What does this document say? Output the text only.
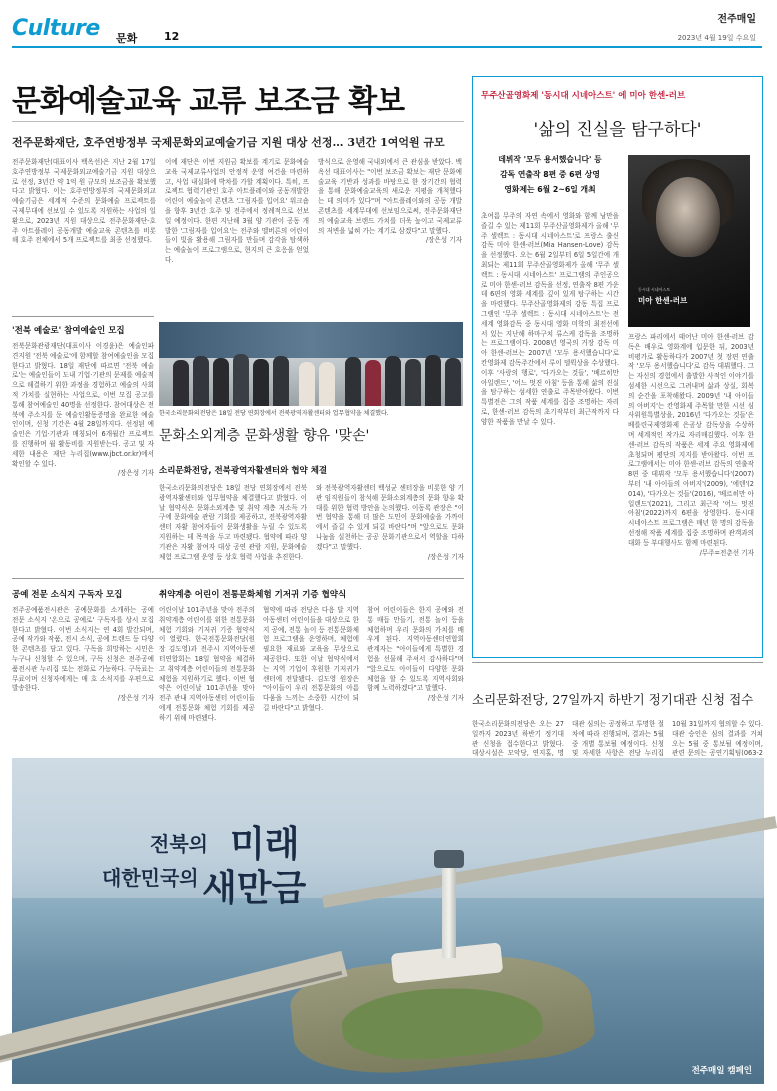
Culture 문화 12
전주매일
2023년 4월 19일 수요일
문화예술교육 교류 보조금 확보
전주문화재단, 호주연방정부 국제문화외교예술기금 지원 대상 선정… 3년간 1여억원 규모
전주문화재단(대표이사 백옥선)은 지난 2월 17일 호주연방정부 국제문화외교예술기금 지원 대상으로 선정, 3년간 약 1억 원 규모의 보조금을 확보했다고 밝혔다. 이는 호주연방정부의 국제문화외교예술기금은 세계적 수준의 문화예술 프로젝트를 국제무대에 선보일 수 있도록 지원하는 사업의 일환으로, 2023년 지원 대상으로 전주문화재단-호주 아트플레이 공동개발 예술교육 콘텐츠를 비롯해 호주 전체에서 5개 프로젝트를 최종 선정했다.
이에 재단은 이번 지원금 확보를 계기로 문화예술교육 국제교류사업의 안정적 운영 여건을 마련하고, 사업 내실화에 박차를 가할 계획이다. 특히, 프로젝트 협력기관인 호주 아트플레이와 공동개발한 어린이 예술놀이 콘텐츠 '그림자를 입어요' 워크숍을 향후 3년간 호주 및 전주에서 정례적으로 선보일 예정이다. 한편 지난해 3월 양 기관이 공동 개발한 '그림자를 입어요'는 전주와 멜버른의 어린이들이 빛을 활용해 그림자를 만들며 감각을 탐색하는 예술놀이 프로그램으로, 현지의 큰 호응을 얻었다.
방식으로 운영해 국내외에서 큰 관심을 받았다. 백옥선 대표이사는 "이번 보조금 확보는 재단 문화예술교육 기반과 성과를 바탕으로 한 장기간의 협력을 통해 문화예술교육의 새로운 지평을 개척했다는 데 의미가 있다"며 "아트플레이와의 공동 개발 콘텐츠를 세계무대에 선보임으로써, 전주문화재단의 예술교육 브랜드 가치를 더욱 높이고 국제교류의 저변을 넓혀 가는 계기로 삼겠다"고 말했다.
/장은성 기자
무주산골영화제 '동시대 시네아스트' 에 미아 한센-러브
'삶의 진실을 탐구하다'
데뷔작 '모두 용서했습니다' 등
감독 연출작 8편 중 6편 상영
영화제는 6월 2~6일 개최
동시대 시네아스트
미아 한센-러브
초여름 무주의 자연 속에서 영화와 함께 낭만을 즐길 수 있는 제11회 무주산골영화제가 올해 '무주 셀렉트 : 동시대 시네아스트'로 프랑스 출신 감독 미아 한센-러브(Mia Hansen-Love) 감독을 선정했다. 오는 6월 2일부터 6일 5일간에 개최되는 제11회 무주산골영화제가 올해 '무주 셀렉트 : 동시대 시네아스트' 프로그램의 주인공으로 미아 한센-러브 감독을 선정, 연출작 8편 가운데 6편의 영화 세계를 깊이 있게 탐구하는 시간을 마련했다. 무주산골영화제의 강동 특집 프로그램인 '무주 셀렉트 : 동시대 시네아스트'는 전 세계 영화감독 중 동시대 영화 미학의 최전선에 서 있는 지난해 하마구치 류스케 감독을 조명하는 프로그램이다. 2008년 영국의 거장 감독 미아 한센-러브는 2007년 '모두 용서했습니다'로 칸영화제 감독주간에서 루이 델뤽상을 수상했다. 이후 '사랑의 행로', '다가오는 것들', '베르히만 아일랜드', '어느 멋진 아침' 등을 통해 삶의 진실을 탐구하는 섬세한 연출로 주목받아왔다. 이번 특별전은 그의 작품 세계를 집중 조명하는 자리로, 한센-러브 감독의 초기작부터 최근작까지 다양한 작품을 만날 수 있다.
프랑스 파리에서 태어난 미아 한센-러브 감독은 배우로 영화계에 입문한 뒤, 2003년 비평가로 활동하다가 2007년 첫 장편 연출작 '모두 용서했습니다'로 감독 데뷔했다. 그는 자신의 경험에서 출발한 사적인 이야기를 섬세한 시선으로 그려내며 삶과 상실, 회복의 순간을 포착해왔다. 2009년 '내 아이들의 아버지'는 칸영화제 주목할 만한 시선 심사위원특별상을, 2016년 '다가오는 것들'은 베를린국제영화제 은곰상 감독상을 수상하며 세계적인 작가로 자리매김했다. 이후 한센-러브 감독의 작품은 세계 주요 영화제에 초청되며 평단의 지지를 받아왔다. 이번 프로그램에서는 미아 한센-러브 감독의 연출작 8편 중 데뷔작 '모두 용서했습니다'(2007)부터 '내 아이들의 아버지'(2009), '에덴'(2014), '다가오는 것들'(2016), '베르히만 아일랜드'(2021), 그리고 최근작 '어느 멋진 아침'(2022)까지 6편을 상영한다. 동시대 시네아스트 프로그램은 매년 한 명의 감독을 선정해 작품 세계를 집중 조명하며 관객과의 대화 등 부대행사도 함께 마련된다.
/무주=전춘선 기자
'전북 예술로' 참여예술인 모집
전북문화관광재단(대표이사 이경윤)은 예술인파견지원 '전북 예술로'에 함께할 참여예술인을 모집한다고 밝혔다. 18일 재단에 따르면 '전북 예술로'는 예술인들이 도내 기업·기관의 문제를 예술적으로 해결하기 위한 과정을 경험하고 예술의 사회적 가치를 실현하는 사업으로, 이번 모집 공고를 통해 참여예술인 40명을 선정한다. 참여대상은 전북에 주소지를 둔 예술인활동증명을 완료한 예술인이며, 신청 기간은 4월 28일까지다. 선정된 예술인은 기업·기관과 매칭되어 6개월간 프로젝트를 진행하며 월 활동비를 지원받는다. 공고 및 자세한 내용은 재단 누리집(www.jbct.or.kr)에서 확인할 수 있다.
/장은성 기자
한국소리문화의전당은 18일 전당 연회장에서 전북광역자활센터와 업무협약을 체결했다.
문화소외계층 문화생활 향유 '맞손'
소리문화전당, 전북광역자활센터와 협약 체결
한국소리문화의전당은 18일 전당 연회장에서 전북광역자활센터와 업무협약을 체결했다고 밝혔다. 이날 협약식은 문화소외계층 및 취약 계층 저소득 가구에 문화예술 관람 기회를 제공하고, 전북광역자활센터 자활 참여자들이 문화생활을 누릴 수 있도록 지원하는 데 목적을 두고 마련됐다. 협약에 따라 양 기관은 자활 참여자 대상 공연 관람 지원, 문화예술 체험 프로그램 운영 등 상호 협력 사업을 추진한다.
와 전북광역자활센터 백성균 센터장을 비롯한 양 기관 임직원들이 참석해 문화소외계층의 문화 향유 확대를 위한 협력 방안을 논의했다. 이동록 관장은 "이번 협약을 통해 더 많은 도민이 문화예술을 가까이에서 즐길 수 있게 되길 바란다"며 "앞으로도 문화 나눔을 실천하는 공공 문화기관으로서 역할을 다하겠다"고 말했다.
/장은성 기자
공예 전문 소식지 구독자 모집
전주공예품전시관은 공예문화를 소개하는 공예 전문 소식지 '온으로 공예로' 구독자를 상시 모집한다고 밝혔다. 이번 소식지는 연 4회 발간되며, 공예 작가와 작품, 전시 소식, 공예 트렌드 등 다양한 콘텐츠를 담고 있다. 구독을 희망하는 시민은 누구나 신청할 수 있으며, 구독 신청은 전주공예품전시관 누리집 또는 전화로 가능하다. 구독료는 무료이며 신청자에게는 매 호 소식지를 우편으로 발송한다.
/장은성 기자
취약계층 어린이 전통문화체험 기저귀 기증 협약식
어린이날 101주년을 맞아 전주의 취약계층 어린이를 위한 전통문화체험 기회와 기저귀 기증 협약식이 열렸다. 한국전통문화전당(원장 김도영)과 전주시 지역아동센터연합회는 18일 협약을 체결하고 취약계층 어린이들의 전통문화체험을 지원하기로 했다. 이번 협약은 어린이날 101주년을 맞아 전주 관내 지역아동센터 어린이들에게 전통문화 체험 기회를 제공하기 위해 마련됐다.
협약에 따라 전당은 다음 달 지역아동센터 어린이들을 대상으로 한지 공예, 전통 놀이 등 전통문화체험 프로그램을 운영하며, 체험에 필요한 재료와 교육을 무상으로 제공한다. 또한 이날 협약식에서는 지역 기업이 후원한 기저귀가 센터에 전달됐다. 김도영 원장은 "아이들이 우리 전통문화의 아름다움을 느끼는 소중한 시간이 되길 바란다"고 밝혔다.
참여 어린이들은 한지 공예와 전통 매듭 만들기, 전통 놀이 등을 체험하며 우리 문화의 가치를 배우게 된다. 지역아동센터연합회 관계자는 "아이들에게 특별한 경험을 선물해 주셔서 감사하다"며 "앞으로도 아이들이 다양한 문화 체험을 할 수 있도록 지역사회와 함께 노력하겠다"고 말했다.
/장은성 기자 소리문화전당, 27일까지 하반기 정기대관 신청 접수
한국소리문화의전당은 오는 27일까지 2023년 하반기 정기대관 신청을 접수한다고 밝혔다. 대상시설은 모악당, 연지홀, 명
대관 심의는 공정하고 투명한 절차에 따라 진행되며, 결과는 5월 중 개별 통보될 예정이다. 신청 및 자세한 사항은 전당 누리집
10월 31일까지 협의할 수 있다. 대관 승인은 심의 결과를 거쳐 오는 5월 중 통보될 예정이며, 관련 문의는 공연기획팀(063-2
전북의
대한민국의
미래
새만금
전주매일 캠페인
